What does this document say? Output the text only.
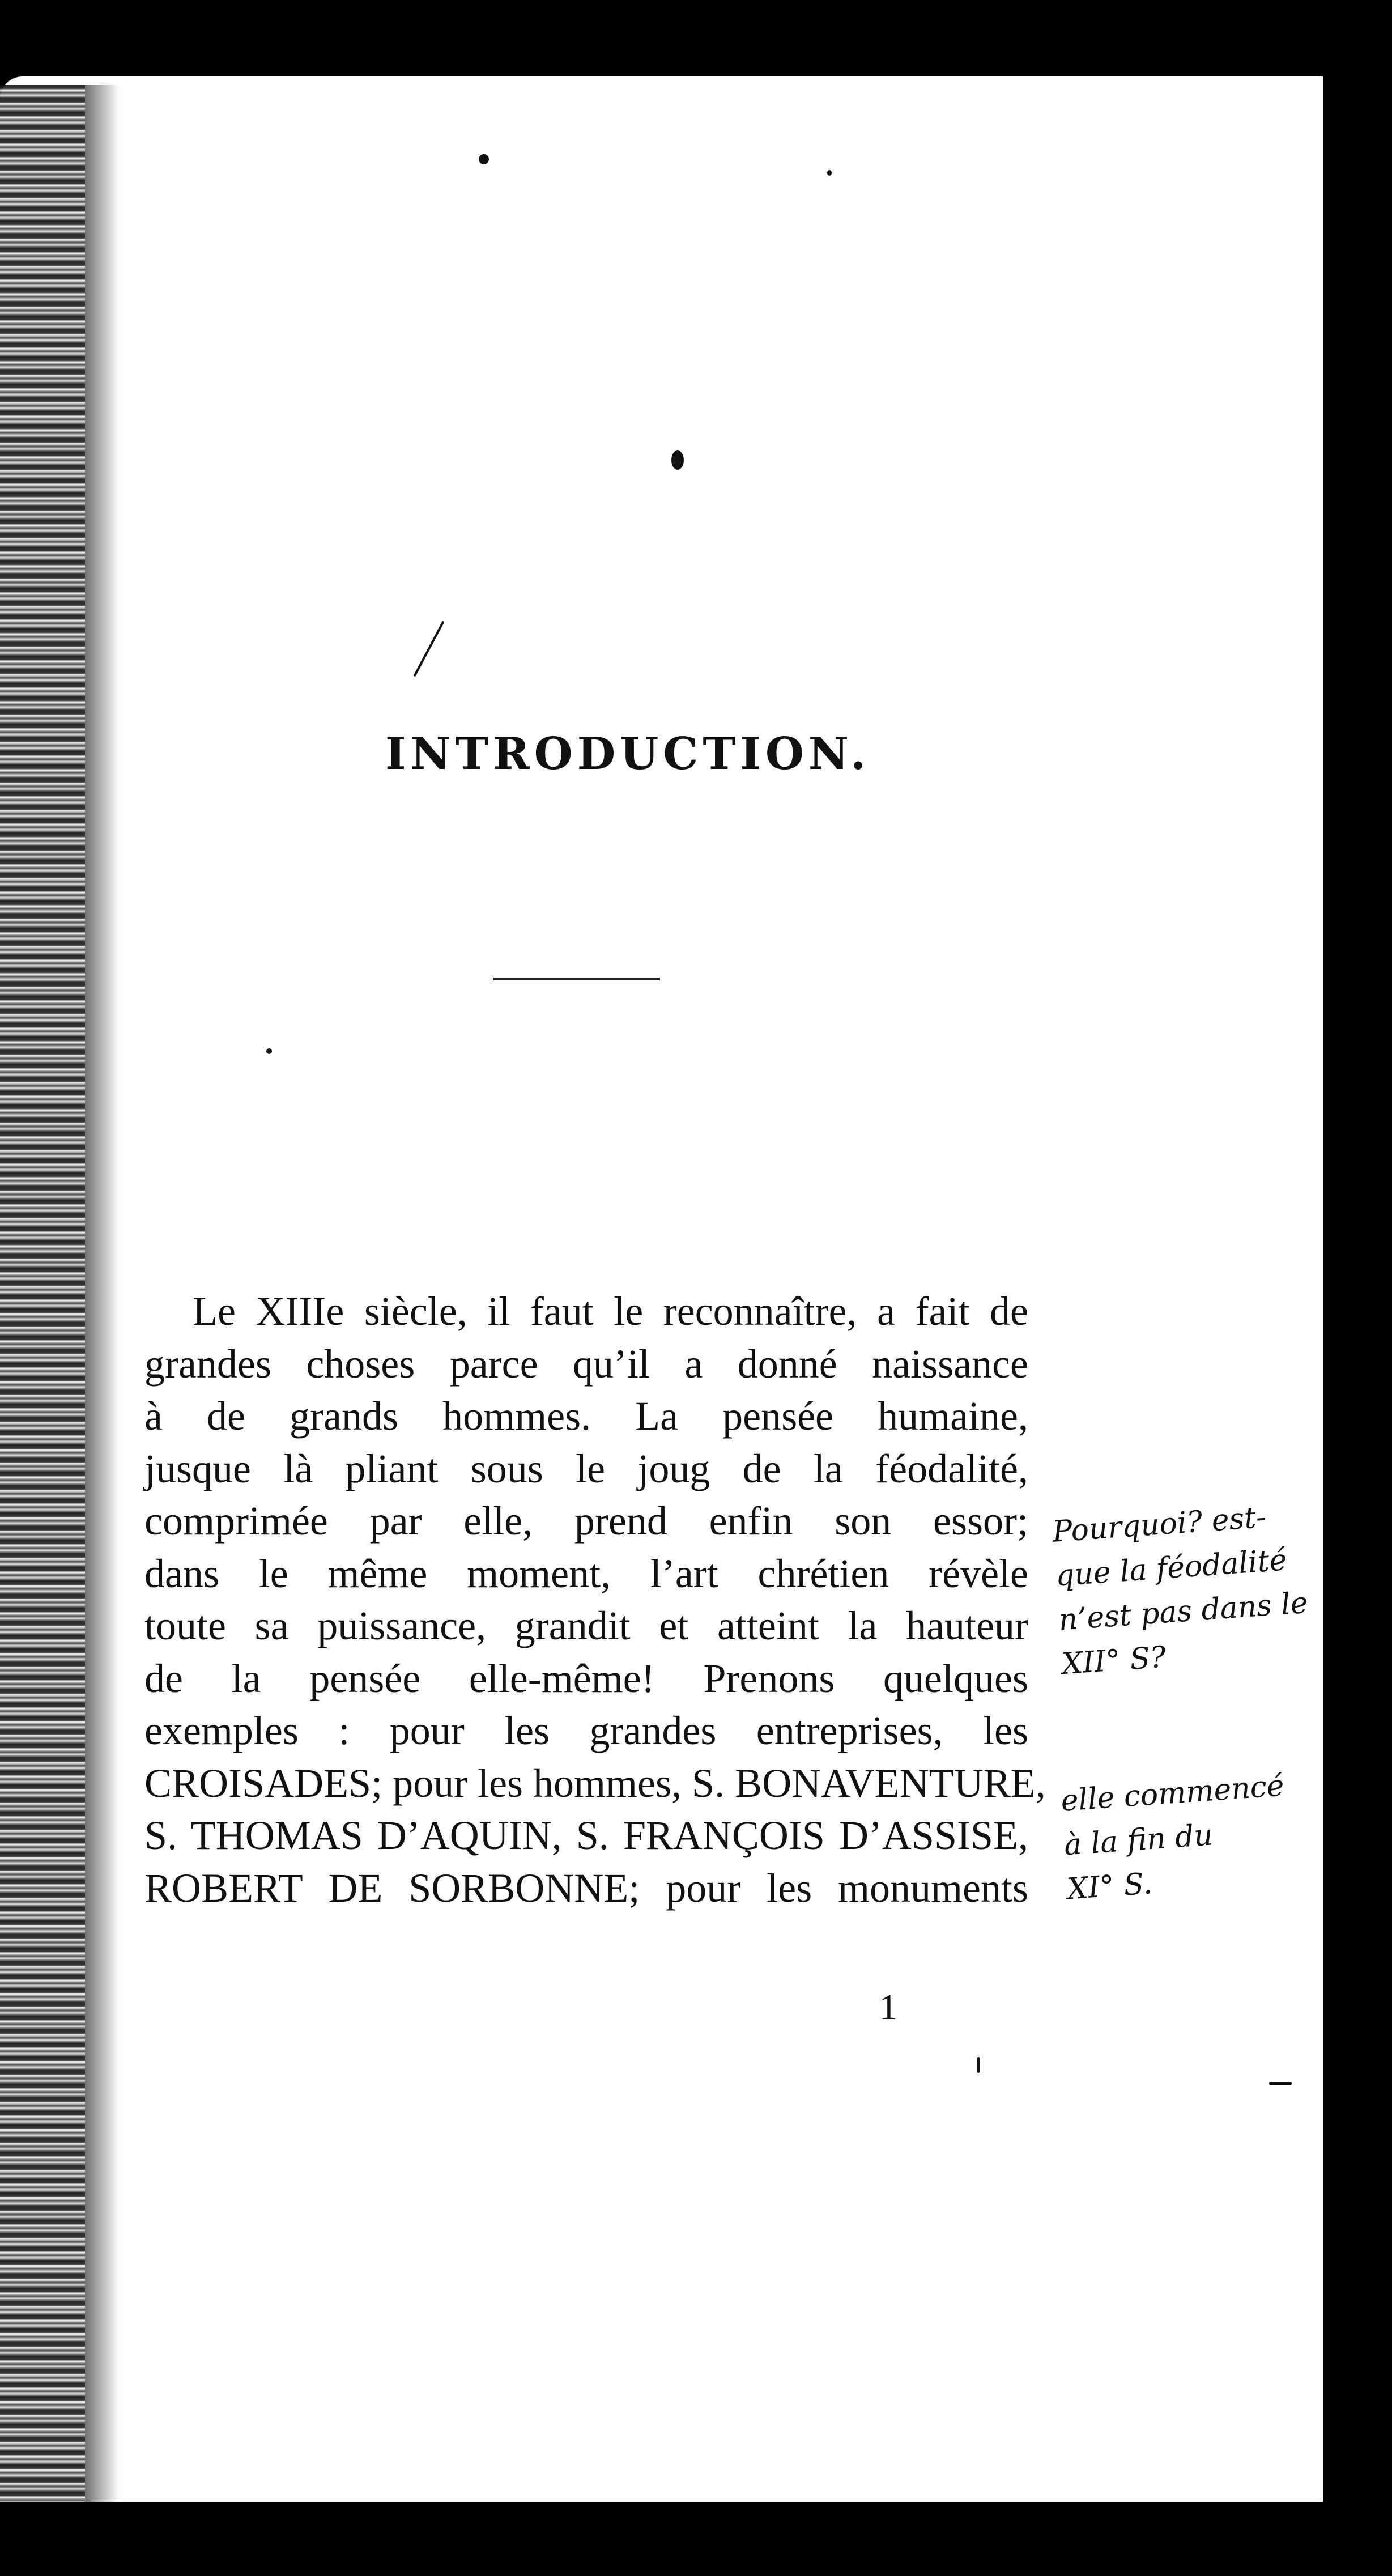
INTRODUCTION.
Le XIIIe siècle, il faut le reconnaître, a fait de
grandes choses parce qu’il a donné naissance
à de grands hommes. La pensée humaine,
jusque là pliant sous le joug de la féodalité,
comprimée par elle, prend enfin son essor;
dans le même moment, l’art chrétien révèle
toute sa puissance, grandit et atteint la hauteur
de la pensée elle-même! Prenons quelques
exemples : pour les grandes entreprises, les
CROISADES; pour les hommes, S. BONAVENTURE,
S. THOMAS D’AQUIN, S. FRANÇOIS D’ASSISE,
ROBERT DE SORBONNE; pour les monuments
1
Pourquoi? est-
que la féodalité
n’est pas dans le
XII° S?
elle commencé
à la fin du
XI° S.
